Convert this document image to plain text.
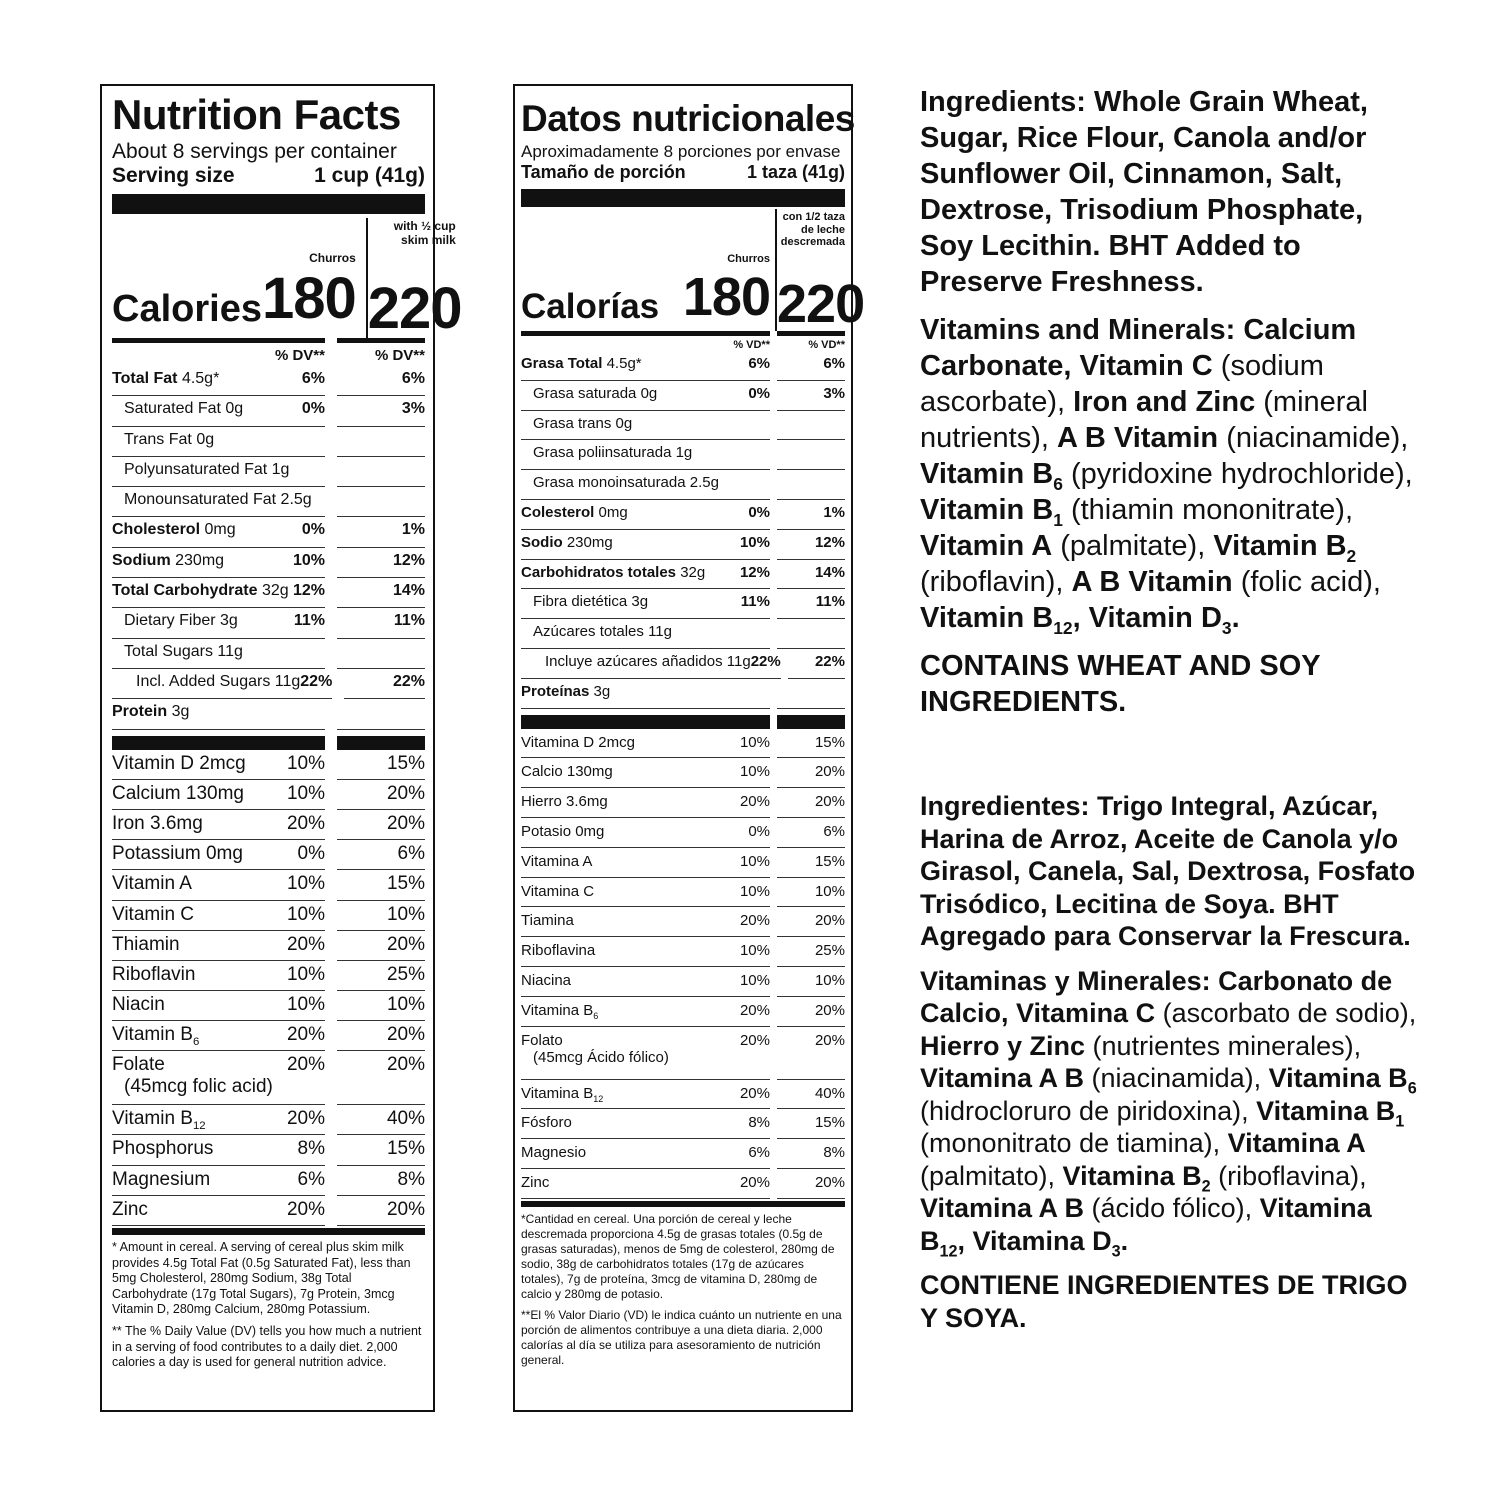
Nutrition Facts
About 8 servings per container
Serving size	1 cup (41g)
Churros
Calories 180
with ½ cup skim milk
220
% DV**	% DV**
Total Fat 4.5g*	6%	6%
Saturated Fat 0g	0%	3%
Trans Fat 0g
Polyunsaturated Fat 1g
Monounsaturated Fat 2.5g
Cholesterol 0mg	0%	1%
Sodium 230mg	10%	12%
Total Carbohydrate 32g 12%	14%
Dietary Fiber 3g	11%	11%
Total Sugars 11g
Incl. Added Sugars 11g 22%	22%
Protein 3g
Vitamin D 2mcg 10%	15%
Calcium 130mg 10%	20%
Iron 3.6mg	20%	20%
Potassium 0mg	0%	6%
Vitamin A	10%	15%
Vitamin C	10%	10%
Thiamin	20%	20%
Riboflavin	10%	25%
Niacin	10%	10%
Vitamin $B_6$	20%	20%
Folate
(45mcg folic acid)
20%	20%
Vitamin $B_{12}$	20%	40%
Phosphorus	8%	15%
Magnesium	6%	8%
Zinc	20%	20%

* Amount in cereal. A serving of cereal plus skim milk provides 4.5g Total Fat (0.5g Saturated Fat), less than 5mg Cholesterol, 280mg Sodium, 38g Total Carbohydrate (17g Total Sugars), 7g Protein, 3mcg Vitamin D, 280mg Calcium, 280mg Potassium.

** The % Daily Value (DV) tells you how much a nutrient in a serving of food contributes to a daily diet. 2,000 calories a day is used for general nutrition advice.

Datos nutricionales
Aproximadamente 8 porciones por envase
Tamaño de porción	1 taza (41g)
Churros
Calorías 180
con 1/2 taza de leche descremada
220
% VD**	% VD**
Grasa Total 4.5g*	6%	6%
Grasa saturada 0g	0%	3%
Grasa trans 0g
Grasa poliinsaturada 1g
Grasa monoinsaturada 2.5g
Colesterol 0mg	0%	1%
Sodio 230mg	10%	12%
Carbohidratos totales 32g 12%	14%
Fibra dietética 3g	11%	11%
Azúcares totales 11g
Incluye azúcares añadidos 11g 22% 22%
Proteínas 3g
Vitamina D 2mcg	10%	15%
Calcio 130mg	10%	20%
Hierro 3.6mg	20%	20%
Potasio 0mg	0%	6%
Vitamina A	10%	15%
Vitamina C	10%	10%
Tiamina	20%	20%
Riboflavina	10%	25%
Niacina	10%	10%
Vitamina $B_6$	20%	20%
Folato
(45mcg Ácido fólico)
20%	20%
Vitamina $B_{12}$	20%	40%
Fósforo	8%	15%
Magnesio	6%	8%
Zinc	20%	20%

*Cantidad en cereal. Una porción de cereal y leche descremada proporciona 4.5g de grasas totales (0.5g de grasas saturadas), menos de 5mg de colesterol, 280mg de sodio, 38g de carbohidratos totales (17g de azúcares totales), 7g de proteína, 3mcg de vitamina D, 280mg de calcio y 280mg de potasio.

**El % Valor Diario (VD) le indica cuánto un nutriente en una porción de alimentos contribuye a una dieta diaria. 2,000 calorías al día se utiliza para asesoramiento de nutrición general.

Ingredients: Whole Grain Wheat, Sugar, Rice Flour, Canola and/or Sunflower Oil, Cinnamon, Salt, Dextrose, Trisodium Phosphate, Soy Lecithin. BHT Added to Preserve Freshness.

Vitamins and Minerals: Calcium Carbonate, Vitamin C (sodium ascorbate), Iron and Zinc (mineral nutrients), A B Vitamin (niacinamide), Vitamin $B_6$ (pyridoxine hydrochloride), Vitamin $B_1$ (thiamin mononitrate), Vitamin A (palmitate), Vitamin $B_2$ (riboflavin), A B Vitamin (folic acid), Vitamin $B_{12}$, Vitamin $D_3$.

CONTAINS WHEAT AND SOY INGREDIENTS.

Ingredientes: Trigo Integral, Azúcar, Harina de Arroz, Aceite de Canola y/o Girasol, Canela, Sal, Dextrosa, Fosfato Trisódico, Lecitina de Soya. BHT Agregado para Conservar la Frescura.

Vitaminas y Minerales: Carbonato de Calcio, Vitamina C (ascorbato de sodio), Hierro y Zinc (nutrientes minerales), Vitamina A B (niacinamida), Vitamina $B_6$ (hidrocloruro de piridoxina), Vitamina $B_1$ (mononitrato de tiamina), Vitamina A (palmitato), Vitamina $B_2$ (riboflavina), Vitamina A B (ácido fólico), Vitamina $B_{12}$, Vitamina $D_3$.

CONTIENE INGREDIENTES DE TRIGO Y SOYA.
